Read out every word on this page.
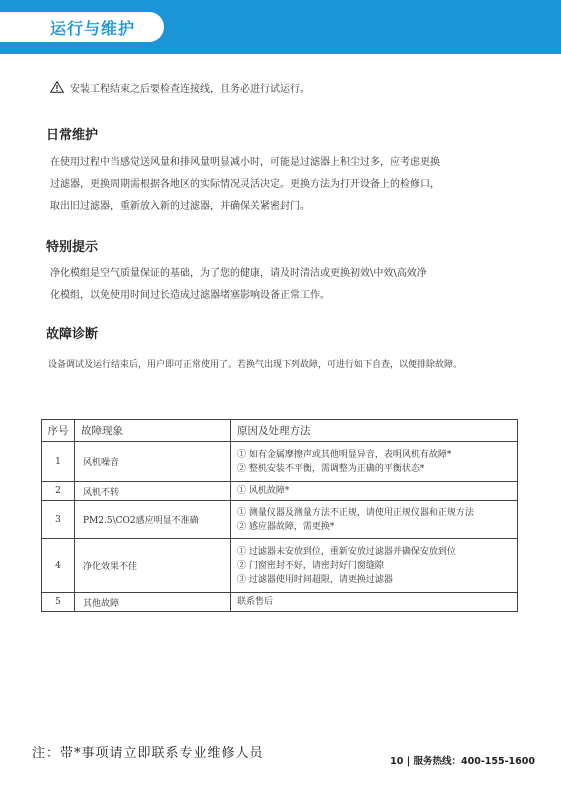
运行与维护
安装工程结束之后要检查连接线，且务必进行试运行。
日常维护

在使用过程中当感觉送风量和排风量明显减小时，可能是过滤器上积尘过多，应考虑更换

过滤器，更换周期需根据各地区的实际情况灵活决定。更换方法为打开设备上的检修口，

取出旧过滤器，重新放入新的过滤器，并确保关紧密封门。

特别提示

净化模组是空气质量保证的基础，为了您的健康，请及时清洁或更换初效\中效\高效净

化模组，以免使用时间过长造成过滤器堵塞影响设备正常工作。

故障诊断
设备调试及运行结束后，用户即可正常使用了。若换气出现下列故障，可进行如下自查，以便排除故障。
序号	故障现象	原因及处理方法
1	风机噪音	① 如有金属摩擦声或其他明显异音，表明风机有故障*
② 整机安装不平衡，需调整为正确的平衡状态*

2	风机不转	① 风机故障*

3	PM2.5\CO2感应明显不准确	① 测量仪器及测量方法不正规，请使用正规仪器和正规方法
② 感应器故障，需更换*

4	净化效果不佳	① 过滤器未安放到位，重新安放过滤器并确保安放到位
② 门窗密封不好，请密封好门窗缝隙
③ 过滤器使用时间超限，请更换过滤器

5	其他故障	联系售后
注：带*事项请立即联系专业维修人员
10 | 服务热线：400-155-1600
